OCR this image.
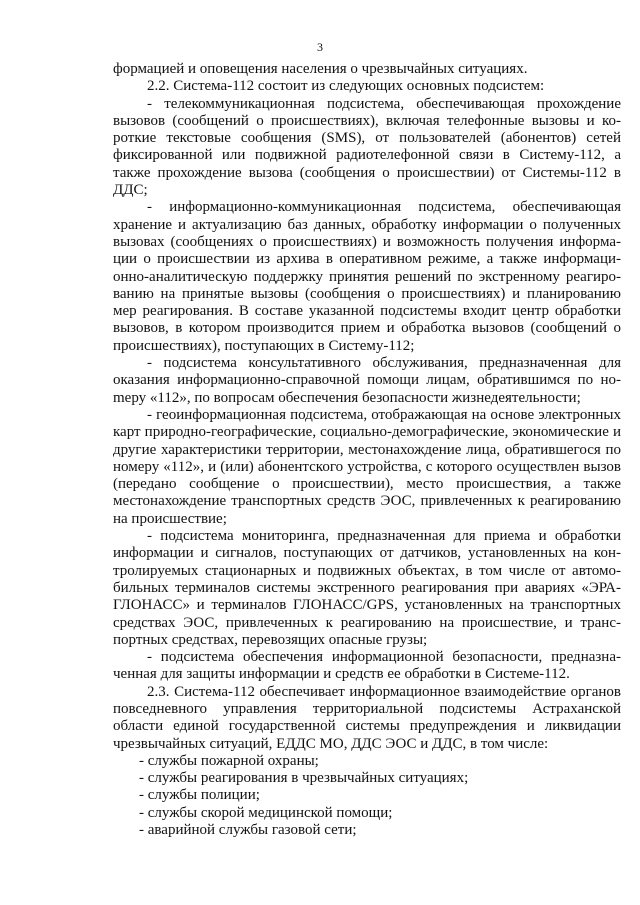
3

формацией и оповещения населения о чрезвычайных ситуациях.

2.2. Система-112 состоит из следующих основных подсистем:

- телекоммуникационная подсистема, обеспечивающая прохождение вызовов (сообщений о происшествиях), включая телефонные вызовы и короткие текстовые сообщения (SMS), от пользователей (абонентов) сетей фиксированной или подвижной радиотелефонной связи в Систему-112, а также прохождение вызова (сообщения о происшествии) от Системы-112 в ДДС;

- информационно-коммуникационная подсистема, обеспечивающая хранение и актуализацию баз данных, обработку информации о полученных вызовах (сообщениях о происшествиях) и возможность получения информации о происшествии из архива в оперативном режиме, а также информационно-аналитическую поддержку принятия решений по экстренному реагированию на принятые вызовы (сообщения о происшествиях) и планированию мер реагирования. В составе указанной подсистемы входит центр обработки вызовов, в котором производится прием и обработка вызовов (сообщений о происшествиях), поступающих в Систему-112;

- подсистема консультативного обслуживания, предназначенная для оказания информационно-справочной помощи лицам, обратившимся по ноmеру «112», по вопросам обеспечения безопасности жизнедеятельности;

- геоинформационная подсистема, отображающая на основе электронных карт природно-географические, социально-демографические, экономические и другие характеристики территории, местонахождение лица, обратившегося по номеру «112», и (или) абонентского устройства, с которого осуществлен вызов (передано сообщение о происшествии), место происшествия, а также местонахождение транспортных средств ЭОС, привлеченных к реагированию на происшествие;

- подсистема мониторинга, предназначенная для приема и обработки информации и сигналов, поступающих от датчиков, установленных на контролируемых стационарных и подвижных объектах, в том числе от автомобильных терминалов системы экстренного реагирования при авариях «ЭРА-ГЛОНАСС» и терминалов ГЛОНАСС/GPS, установленных на транспортных средствах ЭОС, привлеченных к реагированию на происшествие, и транспортных средствах, перевозящих опасные грузы;

- подсистема обеспечения информационной безопасности, предназначенная для защиты информации и средств ее обработки в Системе-112.

2.3. Система-112 обеспечивает информационное взаимодействие органов повседневного управления территориальной подсистемы Астраханской области единой государственной системы предупреждения и ликвидации чрезвычайных ситуаций, ЕДДС МО, ДДС ЭОС и ДДС, в том числе:

- службы пожарной охраны;

- службы реагирования в чрезвычайных ситуациях;

- службы полиции;

- службы скорой медицинской помощи;

- аварийной службы газовой сети;
